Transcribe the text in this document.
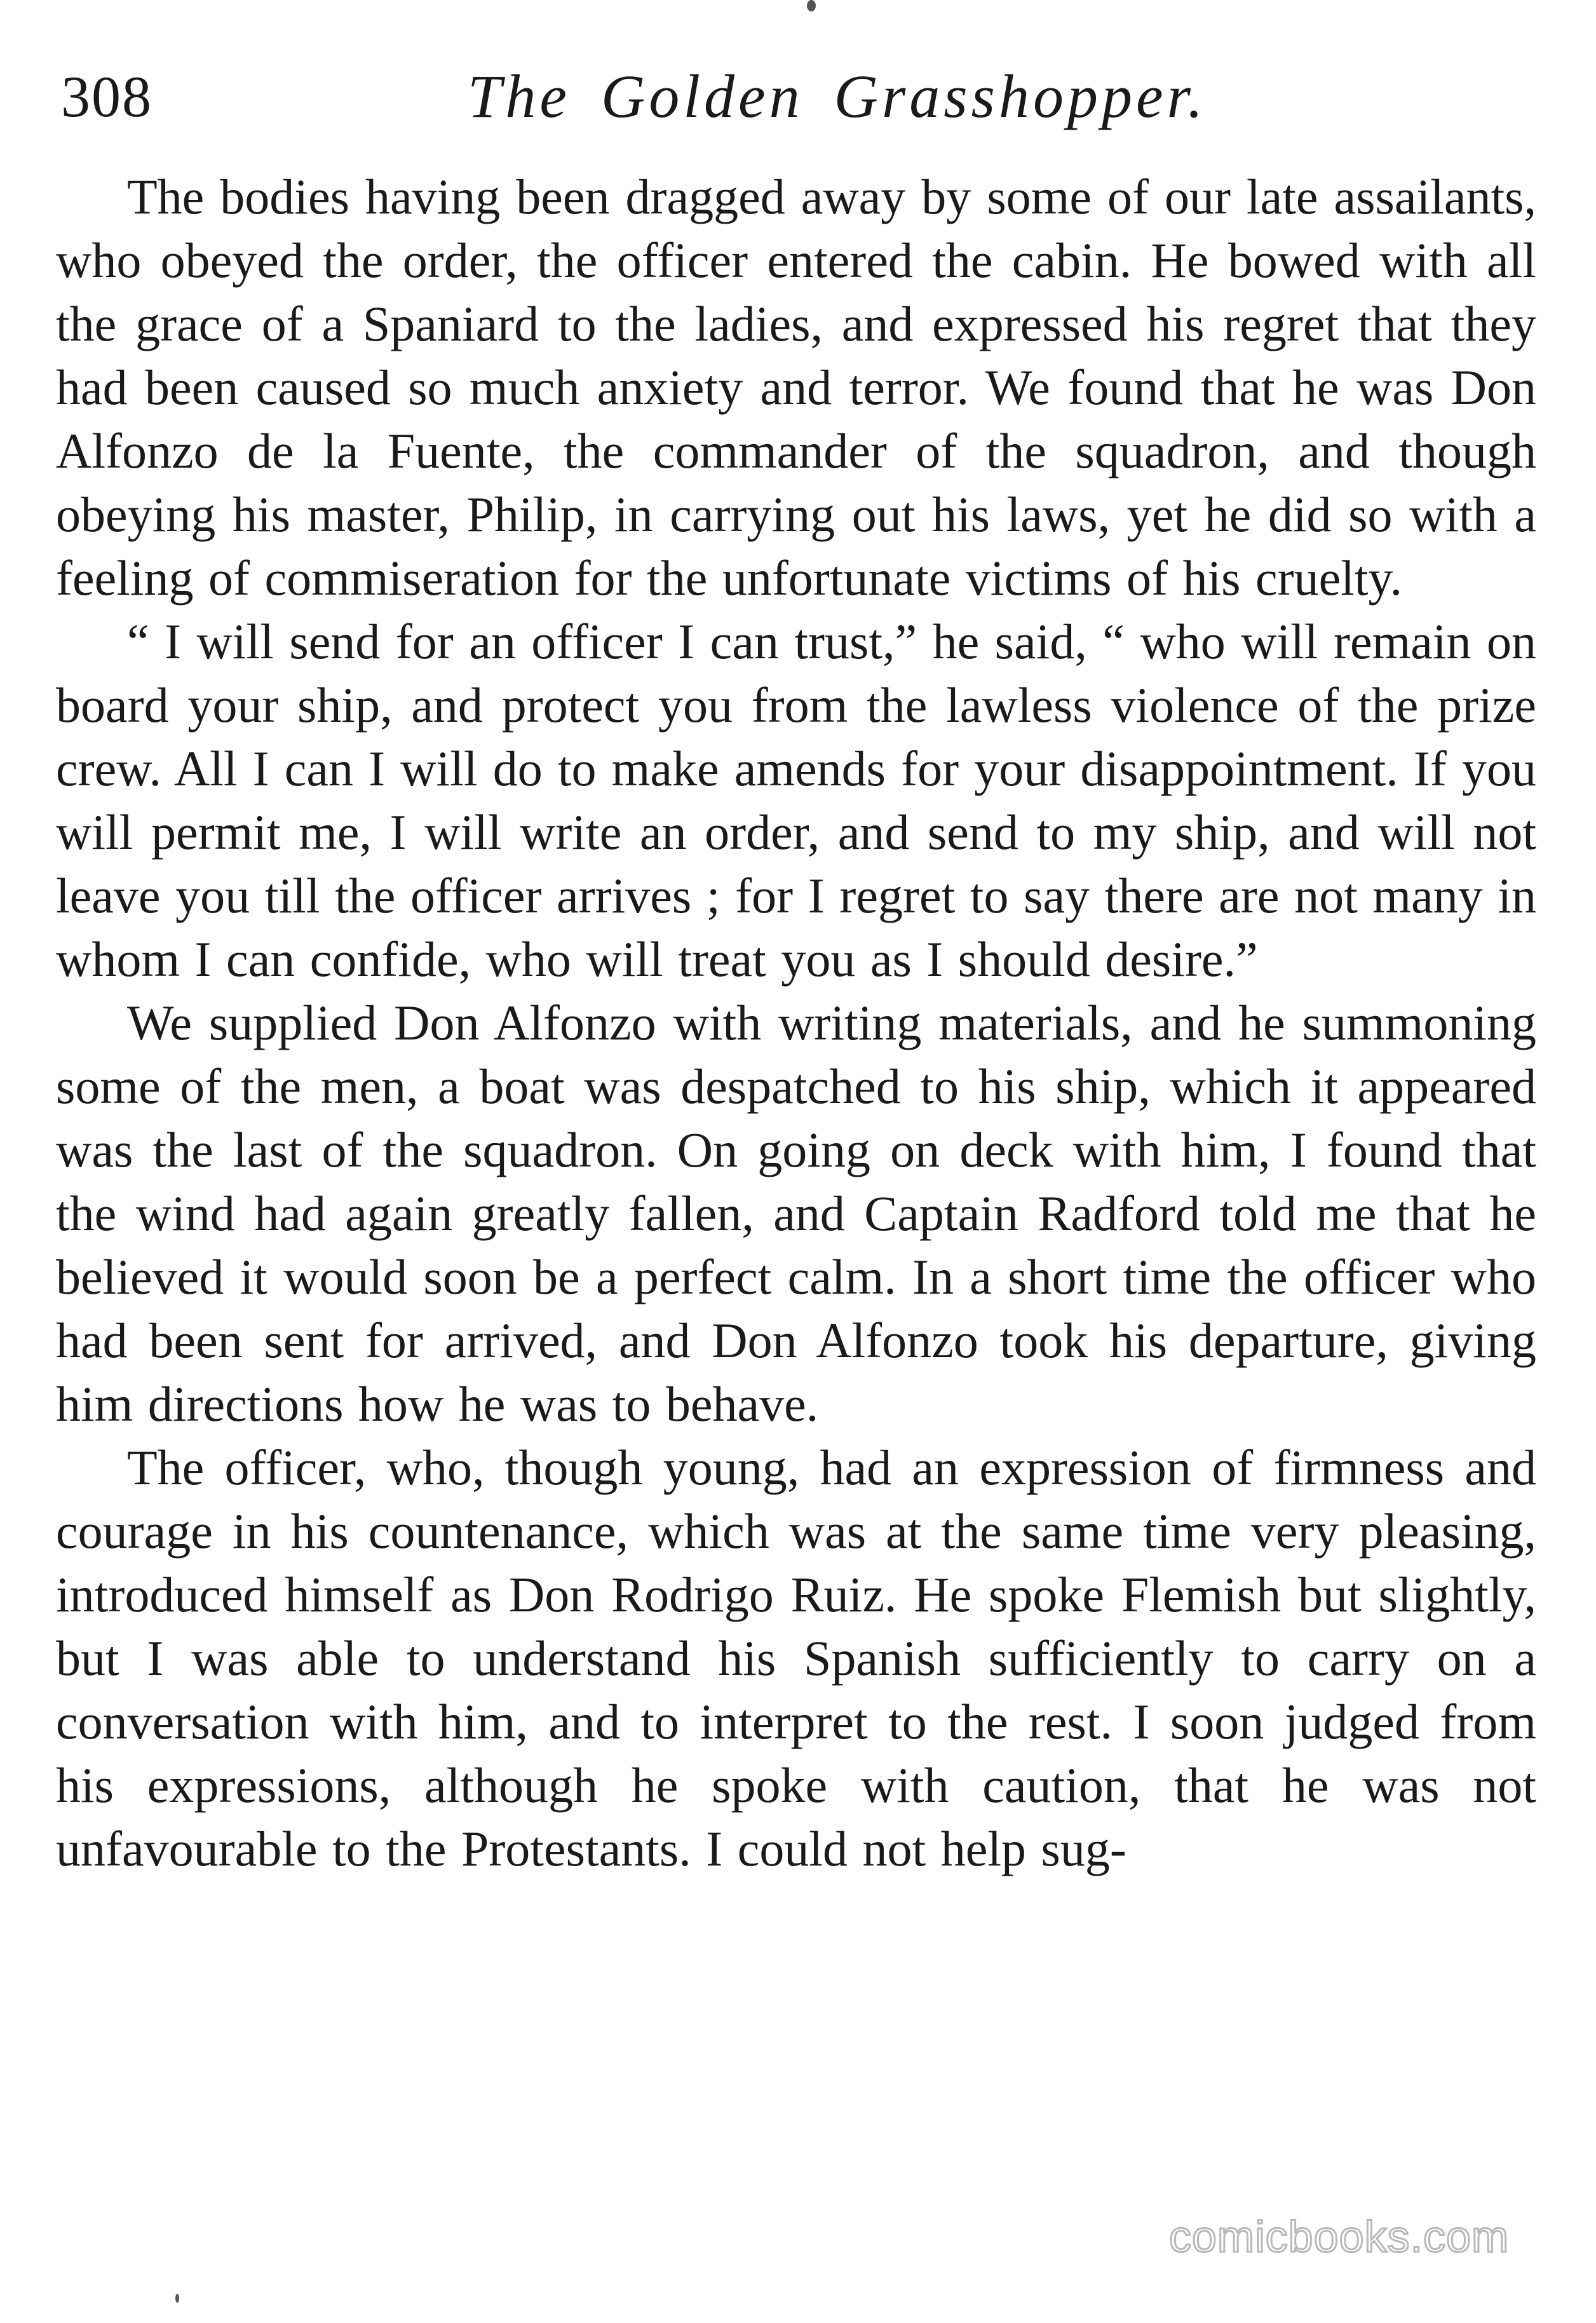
308	The Golden Grasshopper.

The bodies having been dragged away by some of our late assailants, who obeyed the order, the officer entered the cabin. He bowed with all the grace of a Spaniard to the ladies, and expressed his regret that they had been caused so much anxiety and terror. We found that he was Don Alfonzo de la Fuente, the commander of the squadron, and though obeying his master, Philip, in carrying out his laws, yet he did so with a feeling of commiseration for the unfortunate victims of his cruelty.

“ I will send for an officer I can trust,” he said, “ who will remain on board your ship, and protect you from the lawless violence of the prize crew. All I can I will do to make amends for your disappointment. If you will permit me, I will write an order, and send to my ship, and will not leave you till the officer arrives ; for I regret to say there are not many in whom I can confide, who will treat you as I should desire.”

We supplied Don Alfonzo with writing materials, and he summoning some of the men, a boat was despatched to his ship, which it appeared was the last of the squadron. On going on deck with him, I found that the wind had again greatly fallen, and Captain Radford told me that he believed it would soon be a perfect calm. In a short time the officer who had been sent for arrived, and Don Alfonzo took his departure, giving him directions how he was to behave.

The officer, who, though young, had an expression of firmness and courage in his countenance, which was at the same time very pleasing, introduced himself as Don Rodrigo Ruiz. He spoke Flemish but slightly, but I was able to understand his Spanish sufficiently to carry on a conversation with him, and to interpret to the rest. I soon judged from his expressions, although he spoke with caution, that he was not unfavourable to the Protestants. I could not help sug-

comicbooks.com
